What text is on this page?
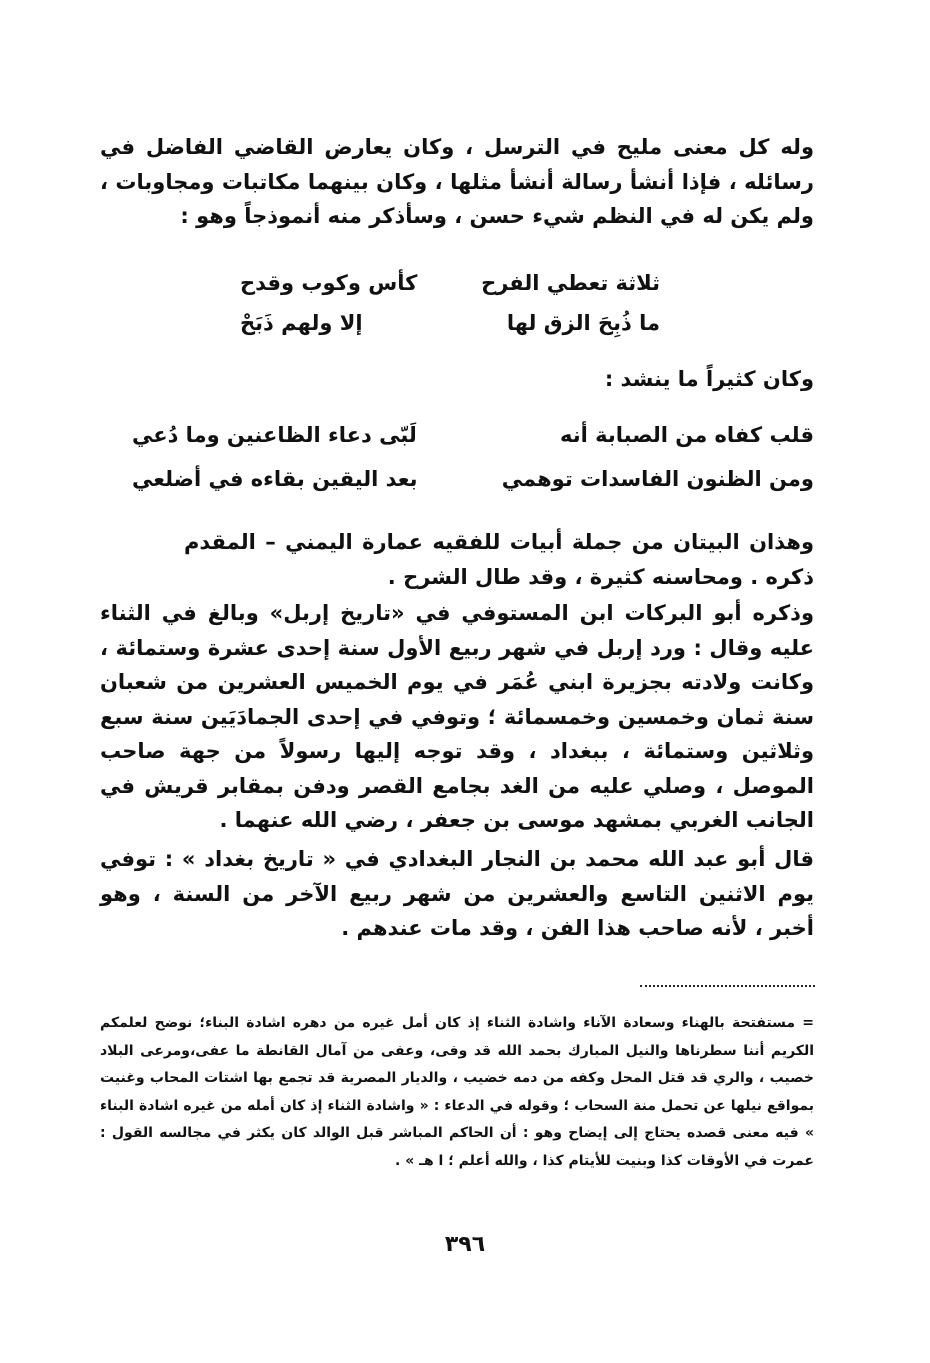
وله كل معنى مليح في الترسل ، وكان يعارض القاضي الفاضل في رسائله ، فإذا أنشأ رسالة أنشأ مثلها ، وكان بينهما مكاتبات ومجاوبات ، ولم يكن له في النظم شيء حسن ، وسأذكر منه أنموذجاً وهو :

ثلاثة تعطي الفرح
كأس وكوب وقدح
ما ذُبِحَ الزق لها
إلا ولهم ذَبَحْ

وكان كثيراً ما ينشد :

قلب كفاه من الصبابة أنه
لَبّى دعاء الظاعنين وما دُعي
ومن الظنون الفاسدات توهمي
بعد اليقين بقاءه في أضلعي

وهذان البيتان من جملة أبيات للفقيه عمارة اليمني – المقدم ذكره . ومحاسنه كثيرة ، وقد طال الشرح .

وذكره أبو البركات ابن المستوفي في «تاريخ إربل» وبالغ في الثناء عليه وقال : ورد إربل في شهر ربيع الأول سنة إحدى عشرة وستمائة ، وكانت ولادته بجزيرة ابني عُمَر في يوم الخميس العشرين من شعبان سنة ثمان وخمسين وخمسمائة ؛ وتوفي في إحدى الجمادَيَين سنة سبع وثلاثين وستمائة ، ببغداد ، وقد توجه إليها رسولاً من جهة صاحب الموصل ، وصلي عليه من الغد بجامع القصر ودفن بمقابر قريش في الجانب الغربي بمشهد موسى بن جعفر ، رضي الله عنهما .

قال أبو عبد الله محمد بن النجار البغدادي في « تاريخ بغداد » : توفي يوم الاثنين التاسع والعشرين من شهر ربيع الآخر من السنة ، وهو أخبر ، لأنه صاحب هذا الفن ، وقد مات عندهم .

= مستفتحة بالهناء وسعادة الآناء واشادة الثناء إذ كان أمل غيره من دهره اشادة البناء؛ نوضح لعلمكم الكريم أننا سطرناها والنيل المبارك بحمد الله قد وفى، وعفى من آمال القانطة ما عفى،ومرعى البلاد خصيب ، والري قد قتل المحل وكفه من دمه خضيب ، والديار المصرية قد تجمع بها اشتات المحاب وغنيت بمواقع نيلها عن تحمل منة السحاب ؛ وقوله في الدعاء : « واشادة الثناء إذ كان أمله من غيره اشادة البناء » فيه معنى قصده يحتاج إلى إيضاح وهو : أن الحاكم المباشر قبل الوالد كان يكثر في مجالسه القول : عمرت في الأوقات كذا وبنيت للأيتام كذا ، والله أعلم ؛ ا هـ » .

٣٩٦
